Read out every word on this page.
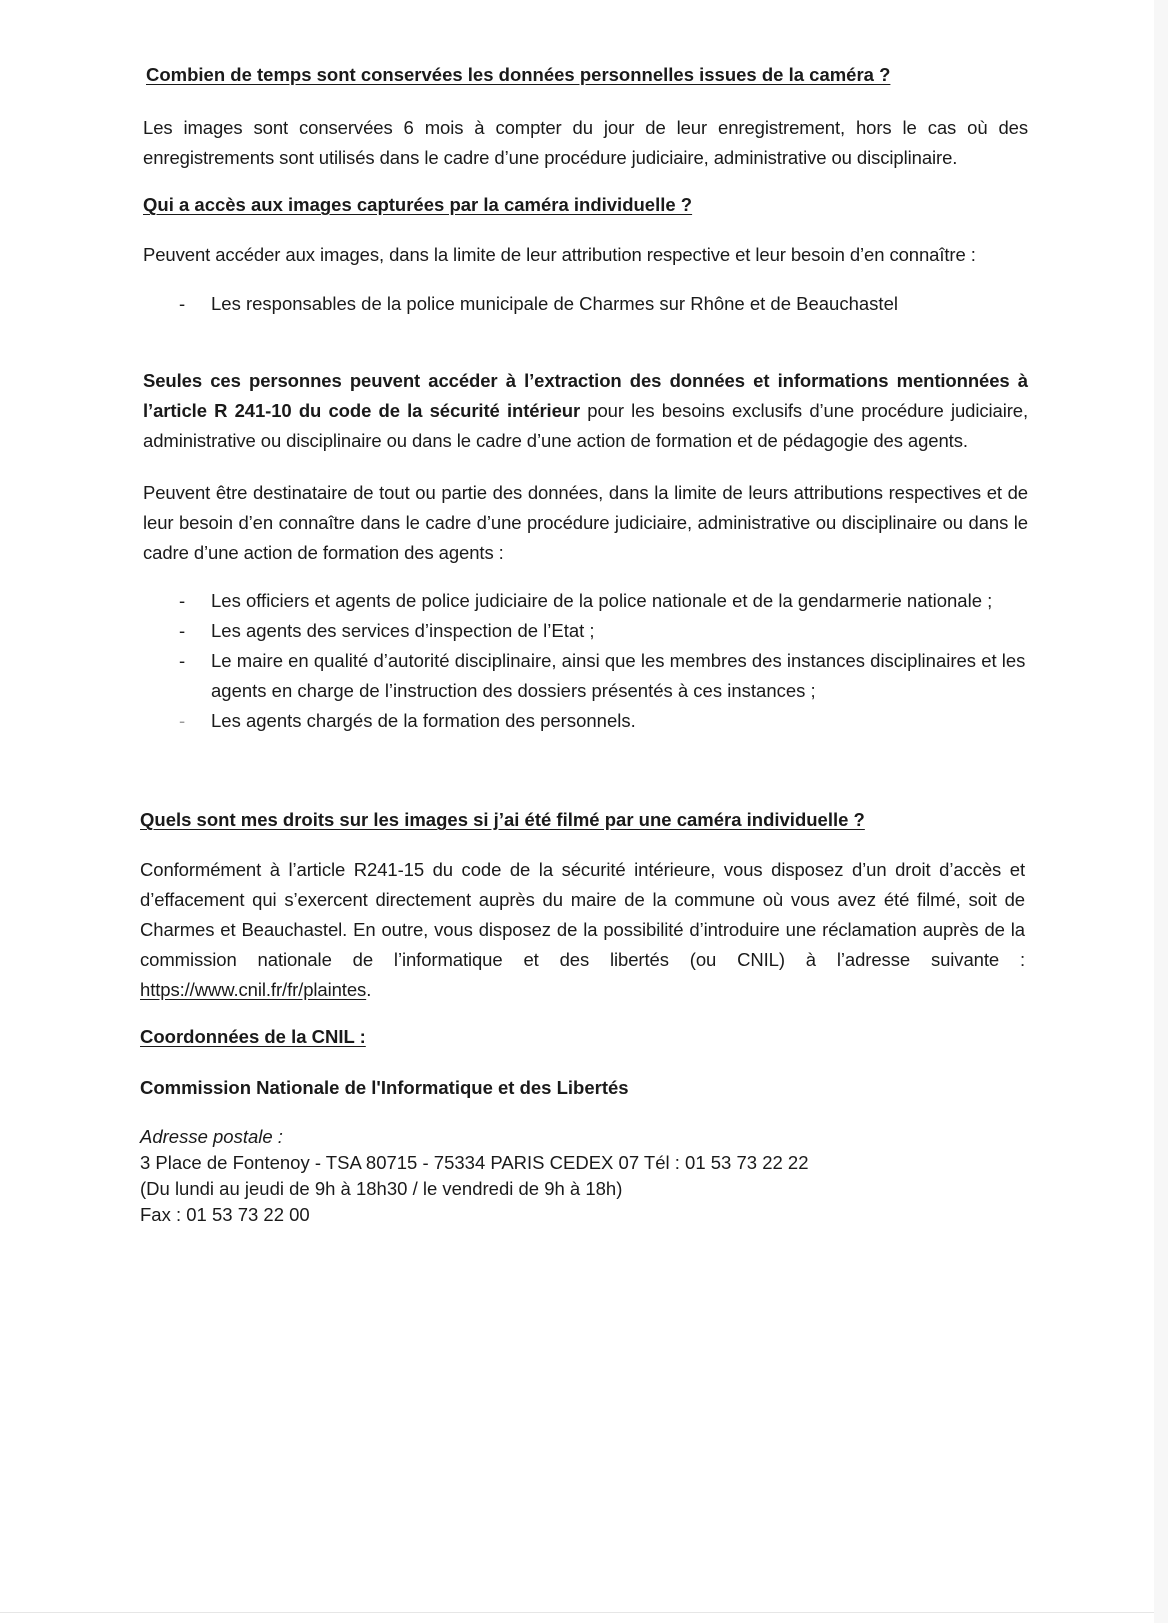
Combien de temps sont conservées les données personnelles issues de la caméra ?
Les images sont conservées 6 mois à compter du jour de leur enregistrement, hors le cas où des enregistrements sont utilisés dans le cadre d’une procédure judiciaire, administrative ou disciplinaire.
Qui a accès aux images capturées par la caméra individuelle ?
Peuvent accéder aux images, dans la limite de leur attribution respective et leur besoin d’en connaître :
- Les responsables de la police municipale de Charmes sur Rhône et de Beauchastel
Seules ces personnes peuvent accéder à l’extraction des données et informations mentionnées à l’article R 241-10 du code de la sécurité intérieur pour les besoins exclusifs d’une procédure judiciaire, administrative ou disciplinaire ou dans le cadre d’une action de formation et de pédagogie des agents.
Peuvent être destinataire de tout ou partie des données, dans la limite de leurs attributions respectives et de leur besoin d’en connaître dans le cadre d’une procédure judiciaire, administrative ou disciplinaire ou dans le cadre d’une action de formation des agents :
- Les officiers et agents de police judiciaire de la police nationale et de la gendarmerie nationale ;
- Les agents des services d’inspection de l’Etat ;
- Le maire en qualité d’autorité disciplinaire, ainsi que les membres des instances disciplinaires et les agents en charge de l’instruction des dossiers présentés à ces instances ;
- Les agents chargés de la formation des personnels.
Quels sont mes droits sur les images si j’ai été filmé par une caméra individuelle ?
Conformément à l’article R241-15 du code de la sécurité intérieure, vous disposez d’un droit d’accès et d’effacement qui s’exercent directement auprès du maire de la commune où vous avez été filmé, soit de Charmes et Beauchastel. En outre, vous disposez de la possibilité d’introduire une réclamation auprès de la commission nationale de l’informatique et des libertés (ou CNIL) à l’adresse suivante : https://www.cnil.fr/fr/plaintes.
Coordonnées de la CNIL :
Commission Nationale de l'Informatique et des Libertés
Adresse postale :
3 Place de Fontenoy - TSA 80715 - 75334 PARIS CEDEX 07 Tél : 01 53 73 22 22
(Du lundi au jeudi de 9h à 18h30 / le vendredi de 9h à 18h)
Fax : 01 53 73 22 00
